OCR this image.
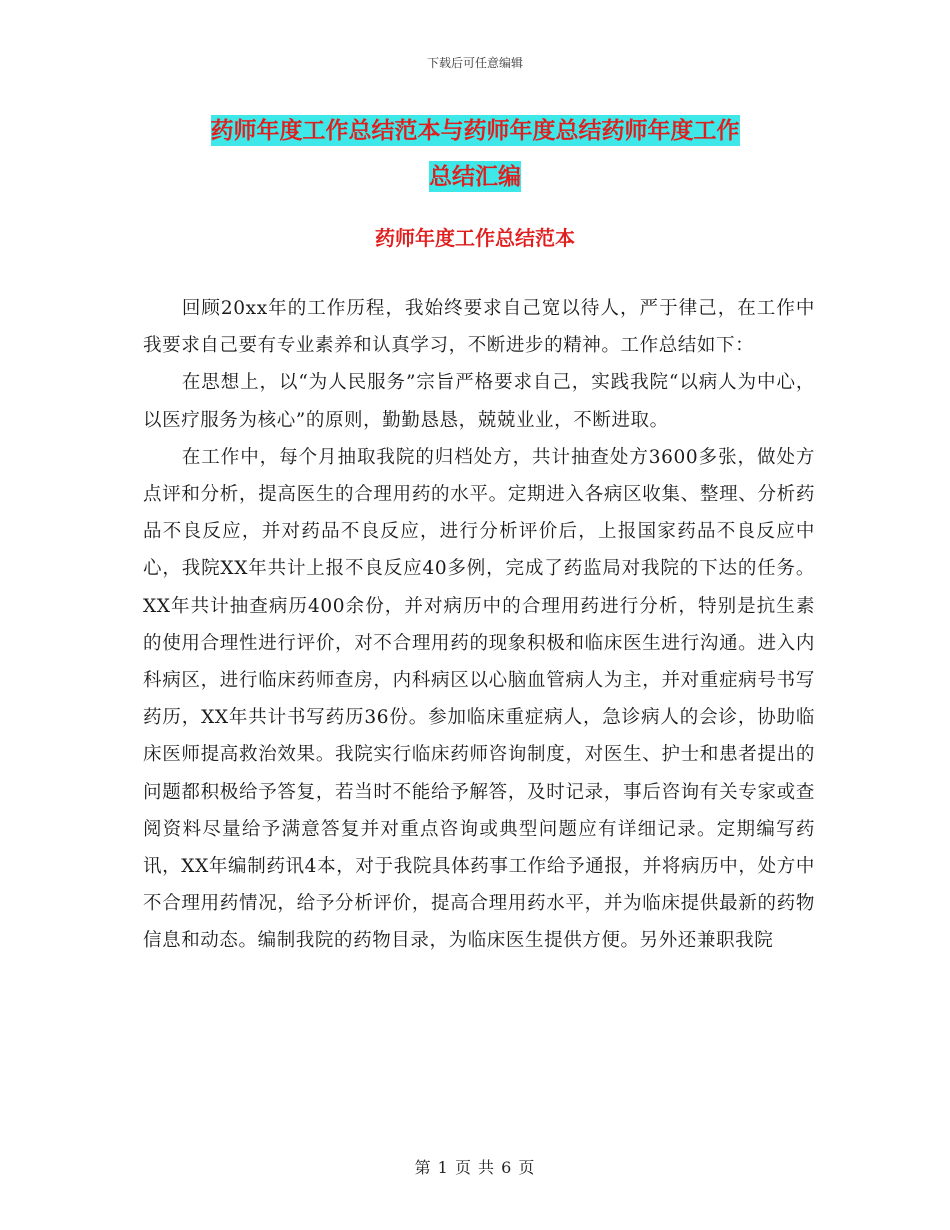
下载后可任意编辑
药师年度工作总结范本与药师年度总结药师年度工作
总结汇编
药师年度工作总结范本

回顾20xx年的工作历程，我始终要求自己宽以待人，严于律己，在工作中我要求自己要有专业素养和认真学习，不断进步的精神。工作总结如下：

在思想上，以“为人民服务”宗旨严格要求自己，实践我院“以病人为中心，以医疗服务为核心”的原则，勤勤恳恳，兢兢业业，不断进取。

在工作中，每个月抽取我院的归档处方，共计抽查处方3600多张，做处方点评和分析，提高医生的合理用药的水平。定期进入各病区收集、整理、分析药品不良反应，并对药品不良反应，进行分析评价后，上报国家药品不良反应中心，我院XX年共计上报不良反应40多例，完成了药监局对我院的下达的任务。XX年共计抽查病历400余份，并对病历中的合理用药进行分析，特别是抗生素的使用合理性进行评价，对不合理用药的现象积极和临床医生进行沟通。进入内科病区，进行临床药师查房，内科病区以心脑血管病人为主，并对重症病号书写药历，XX年共计书写药历36份。参加临床重症病人，急诊病人的会诊，协助临床医师提高救治效果。我院实行临床药师咨询制度，对医生、护士和患者提出的问题都积极给予答复，若当时不能给予解答，及时记录，事后咨询有关专家或查阅资料尽量给予满意答复并对重点咨询或典型问题应有详细记录。定期编写药讯，XX年编制药讯4本，对于我院具体药事工作给予通报，并将病历中，处方中不合理用药情况，给予分析评价，提高合理用药水平，并为临床提供最新的药物信息和动态。编制我院的药物目录，为临床医生提供方便。另外还兼职我院

第 1 页 共 6 页
